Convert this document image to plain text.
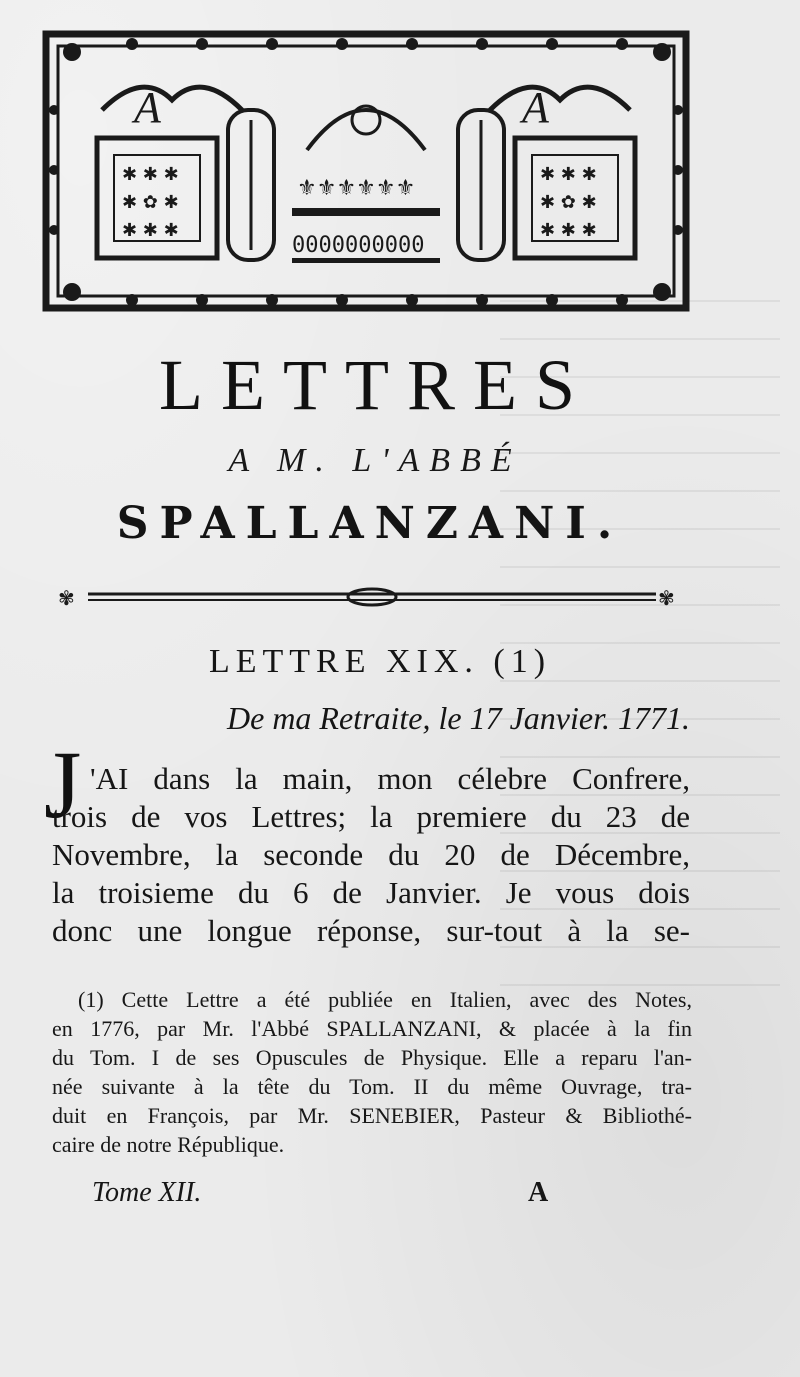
A
✱ ✱ ✱
✱ ✿ ✱
✱ ✱ ✱
⚜⚜⚜⚜⚜⚜
0000000000
A
✱ ✱ ✱
✱ ✿ ✱
✱ ✱ ✱
LETTRES
A M. L'ABBÉ
SPALLANZANI.
✾	✾
LETTRE XIX. (1)
De ma Retraite, le 17 Janvier. 1771.
J 'AI dans la main, mon célebre Confrere,
trois de vos Lettres; la premiere du 23 de
Novembre, la seconde du 20 de Décembre,
la troisieme du 6 de Janvier. Je vous dois
donc une longue réponse, sur-tout à la se-
(1) Cette Lettre a été publiée en Italien, avec des Notes,
en 1776, par Mr. l'Abbé SPALLANZANI, & placée à la fin
du Tom. I de ses Opuscules de Physique. Elle a reparu l'an-
née suivante à la tête du Tom. II du même Ouvrage, tra-
duit en François, par Mr. SENEBIER, Pasteur & Bibliothé-
caire de notre République.
Tome XII.	A
